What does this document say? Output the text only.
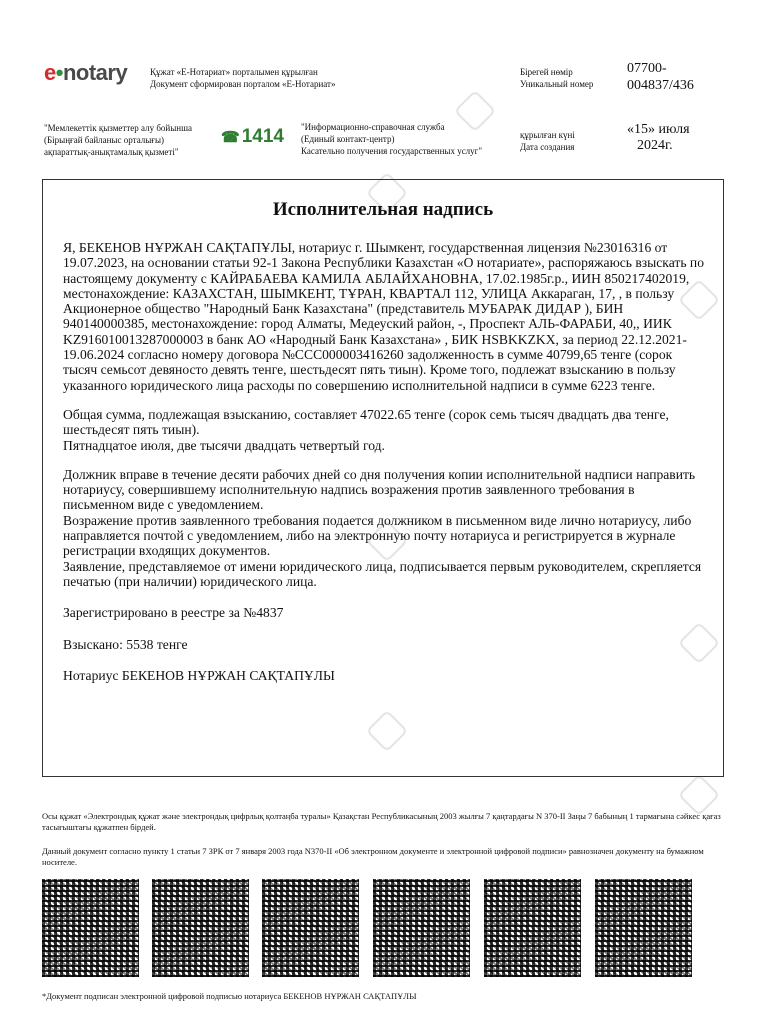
e•notary	Құжат «Е-Нотариат» порталымен құрылған
Документ сформирован порталом «Е-Нотариат»
Бірегей нөмір
Уникальный номер
07700-
004837/436
"Мемлекеттік қызметтер алу бойынша
(Бірыңғай байланыс орталығы)
ақпараттық-анықтамалық қызметі"
☎ 1414 "Информационно-справочная служба
(Единый контакт-центр)
Касательно получения государственных услуг"
құрылған күні
Дата создания
«15» июля
2024г.
Исполнительная надпись

Я, БЕКЕНОВ НҰРЖАН САҚТАПҰЛЫ, нотариус г. Шымкент, государственная лицензия №23016316 от 19.07.2023, на основании статьи 92-1 Закона Республики Казахстан «О нотариате», распоряжаюсь взыскать по настоящему документу с КАЙРАБАЕВА КАМИЛА АБЛАЙХАНОВНА, 17.02.1985г.р., ИИН 850217402019, местонахождение: КАЗАХСТАН, ШЫМКЕНТ, ТҰРАН, КВАРТАЛ 112, УЛИЦА Аккараган, 17, , в пользу Акционерное общество "Народный Банк Казахстана" (представитель МУБАРАК ДИДАР ), БИН 940140000385, местонахождение: город Алматы, Медеуский район, -, Проспект АЛЬ-ФАРАБИ, 40,, ИИК KZ916010013287000003 в банк АО «Народный Банк Казахстана» , БИК HSBKKZKX, за период 22.12.2021-19.06.2024 согласно номеру договора №CCC000003416260 задолженность в сумме 40799,65 тенге (сорок тысяч семьсот девяносто девять тенге, шестьдесят пять тиын). Кроме того, подлежат взысканию в пользу указанного юридического лица расходы по совершению исполнительной надписи в сумме 6223 тенге.

Общая сумма, подлежащая взысканию, составляет 47022.65 тенге (сорок семь тысяч двадцать два тенге, шестьдесят пять тиын).

Пятнадцатое июля, две тысячи двадцать четвертый год.

Должник вправе в течение десяти рабочих дней со дня получения копии исполнительной надписи направить нотариусу, совершившему исполнительную надпись возражения против заявленного требования в письменном виде с уведомлением.

Возражение против заявленного требования подается должником в письменном виде лично нотариусу, либо направляется почтой с уведомлением, либо на электронную почту нотариуса и регистрируется в журнале регистрации входящих документов.

Заявление, представляемое от имени юридического лица, подписывается первым руководителем, скрепляется печатью (при наличии) юридического лица.

Зарегистрировано в реестре за №4837

Взыскано: 5538 тенге

Нотариус БЕКЕНОВ НҰРЖАН САҚТАПҰЛЫ

Осы құжат «Электрондық құжат және электрондық цифрлық қолтаңба туралы» Қазақстан Республикасының 2003 жылғы 7 қаңтардағы N 370-II Заңы 7 бабының 1 тармағына сәйкес қағаз тасығыштағы құжатпен бірдей.
Данный документ согласно пункту 1 статьи 7 ЗРК от 7 января 2003 года N370-II «Об электронном документе и электронной цифровой подписи» равнозначен документу на бумажном носителе.
*Документ подписан электронной цифровой подписью нотариуса БЕКЕНОВ НҰРЖАН САҚТАПҰЛЫ
